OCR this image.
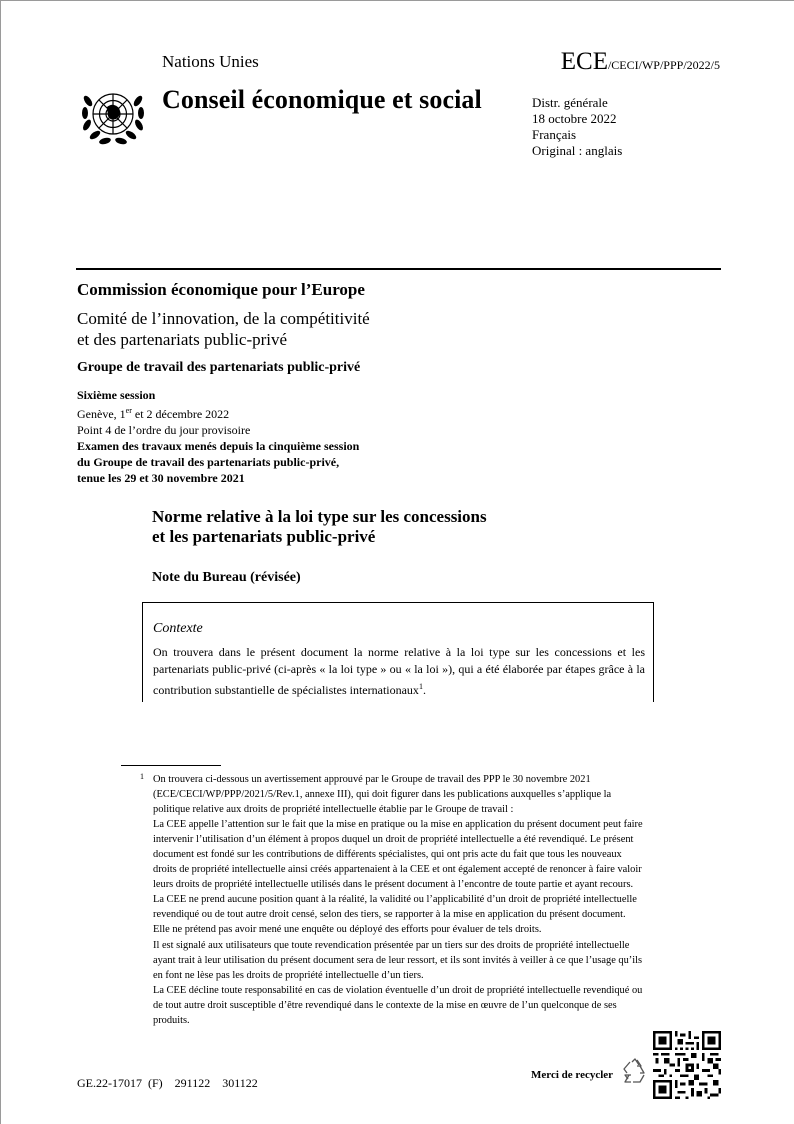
Nations Unies	ECE/CECI/WP/PPP/2022/5
Conseil économique et social	Distr. générale
18 octobre 2022
Français
Original : anglais
Commission économique pour l’Europe
Comité de l’innovation, de la compétitivité
et des partenariats public-privé
Groupe de travail des partenariats public-privé
Sixième session
Genève, 1er et 2 décembre 2022
Point 4 de l’ordre du jour provisoire
Examen des travaux menés depuis la cinquième session
du Groupe de travail des partenariats public-privé,
tenue les 29 et 30 novembre 2021
Norme relative à la loi type sur les concessions
et les partenariats public-privé
Note du Bureau (révisée)
Contexte
On trouvera dans le présent document la norme relative à la loi type sur les concessions et les partenariats public-privé (ci-après « la loi type » ou « la loi »), qui a été élaborée par étapes grâce à la contribution substantielle de spécialistes internationaux$^1$.
1 On trouvera ci-dessous un avertissement approuvé par le Groupe de travail des PPP le 30 novembre 2021 (ECE/CECI/WP/PPP/2021/5/Rev.1, annexe III), qui doit figurer dans les publications auxquelles s’applique la politique relative aux droits de propriété intellectuelle établie par le Groupe de travail :

La CEE appelle l’attention sur le fait que la mise en pratique ou la mise en application du présent document peut faire intervenir l’utilisation d’un élément à propos duquel un droit de propriété intellectuelle a été revendiqué. Le présent document est fondé sur les contributions de différents spécialistes, qui ont pris acte du fait que tous les nouveaux droits de propriété intellectuelle ainsi créés appartenaient à la CEE et ont également accepté de renoncer à faire valoir leurs droits de propriété intellectuelle utilisés dans le présent document à l’encontre de toute partie et ayant recours.

La CEE ne prend aucune position quant à la réalité, la validité ou l’applicabilité d’un droit de propriété intellectuelle revendiqué ou de tout autre droit censé, selon des tiers, se rapporter à la mise en application du présent document. Elle ne prétend pas avoir mené une enquête ou déployé des efforts pour évaluer de tels droits.

Il est signalé aux utilisateurs que toute revendication présentée par un tiers sur des droits de propriété intellectuelle ayant trait à leur utilisation du présent document sera de leur ressort, et ils sont invités à veiller à ce que l’usage qu’ils en font ne lèse pas les droits de propriété intellectuelle d’un tiers.

La CEE décline toute responsabilité en cas de violation éventuelle d’un droit de propriété intellectuelle revendiqué ou de tout autre droit susceptible d’être revendiqué dans le contexte de la mise en œuvre de l’un quelconque de ses produits.

GE.22-17017  (F)    291122    301122
Merci de recycler
